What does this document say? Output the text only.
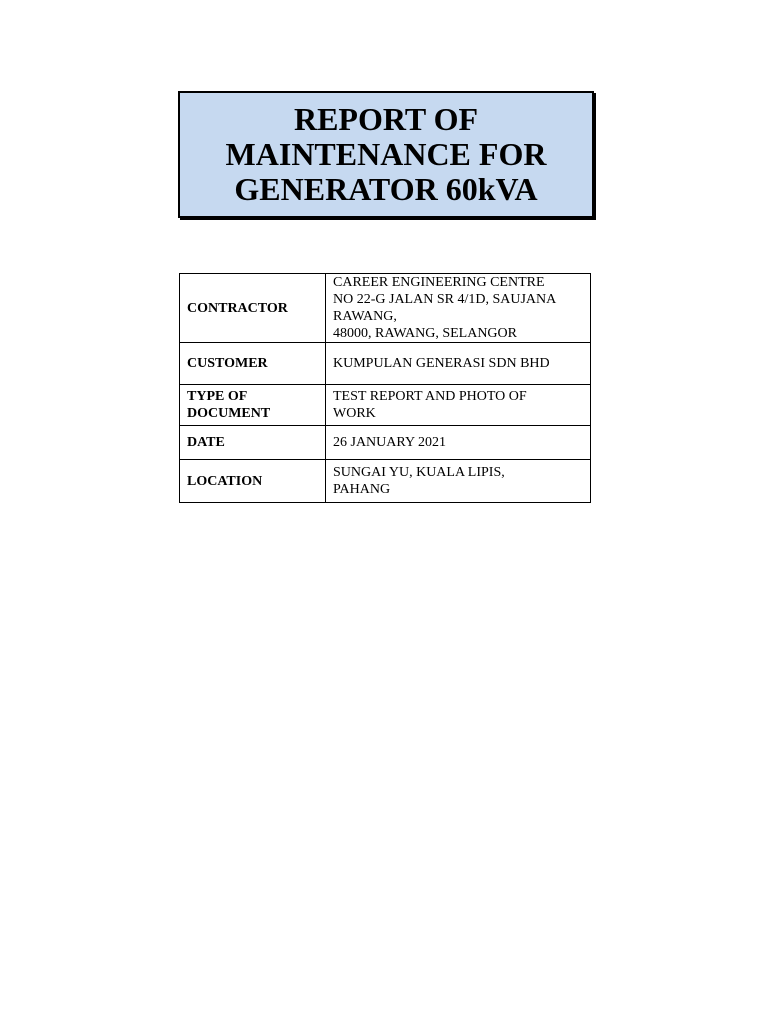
REPORT OF
MAINTENANCE FOR
GENERATOR 60kVA
CONTRACTOR	CAREER ENGINEERING CENTRE
NO 22-G JALAN SR 4/1D, SAUJANA
RAWANG,
48000, RAWANG, SELANGOR

CUSTOMER	KUMPULAN GENERASI SDN BHD

TYPE OF
DOCUMENT	TEST REPORT AND PHOTO OF
WORK

DATE	26 JANUARY 2021
LOCATION	SUNGAI YU, KUALA LIPIS,
PAHANG
